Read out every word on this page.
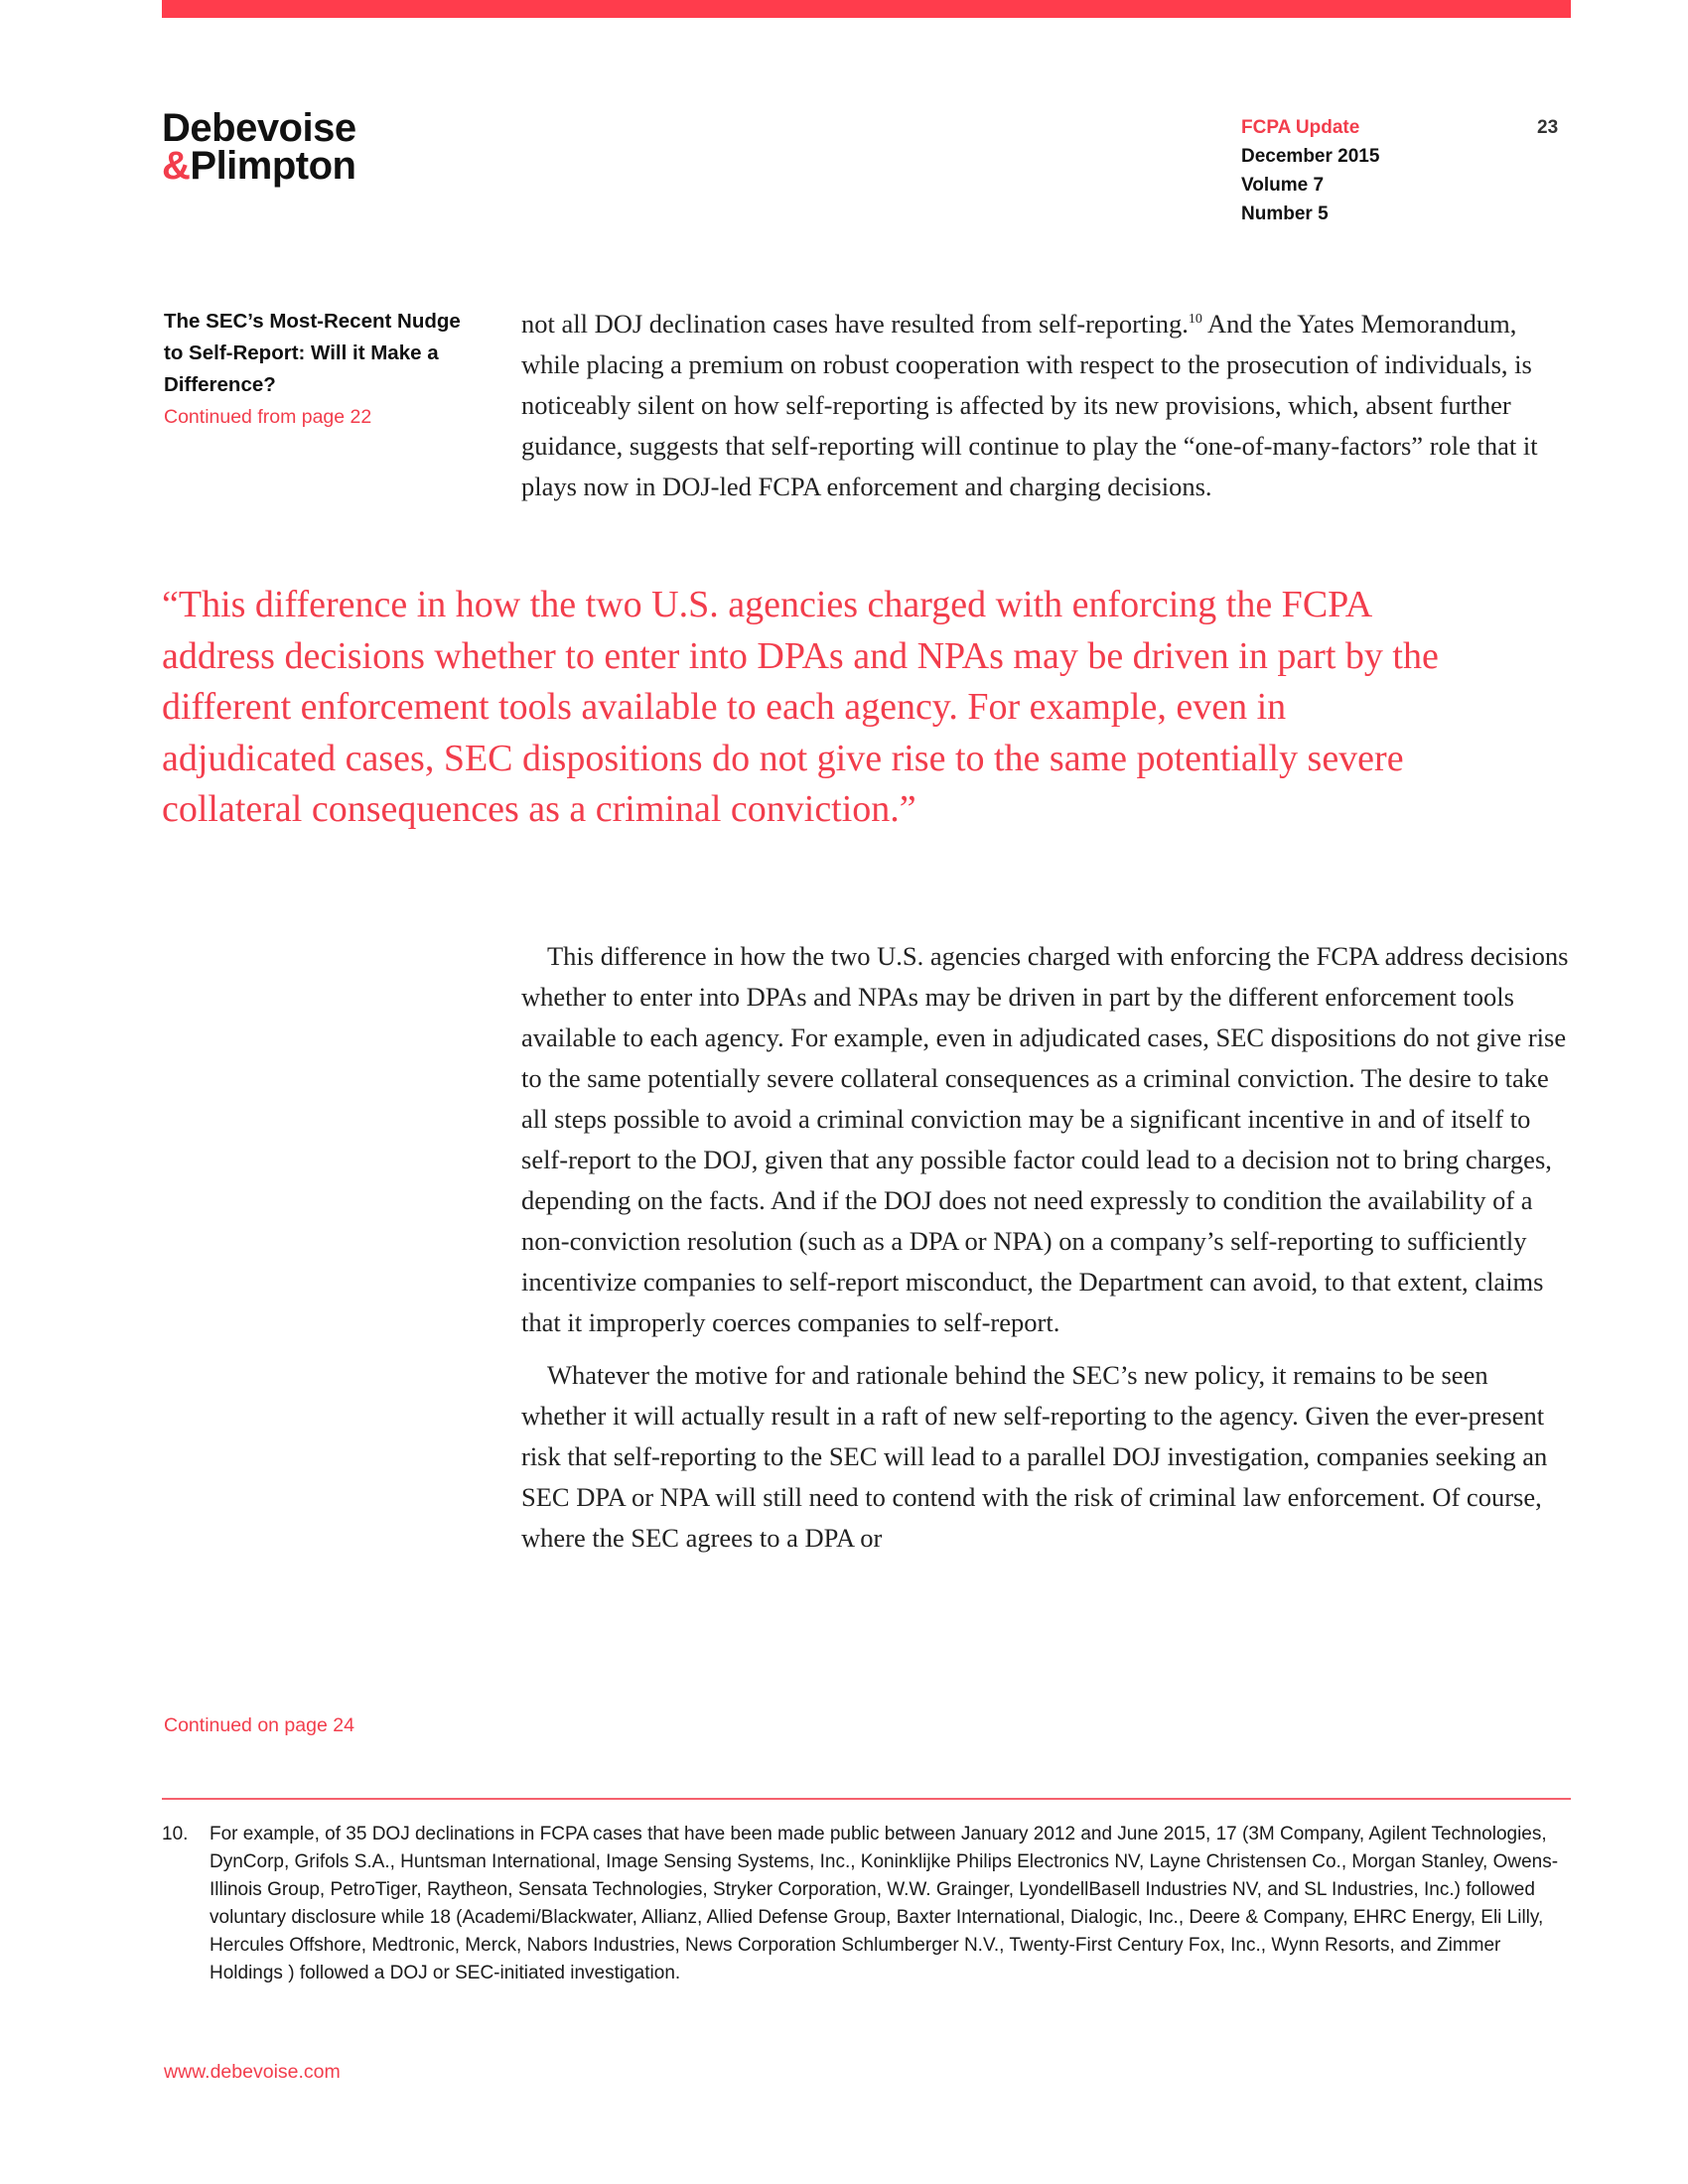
Debevoise
&Plimpton
FCPA Update
December 2015
Volume 7
Number 5
23
The SEC’s Most-Recent Nudge to Self-Report: Will it Make a Difference?
Continued from page 22

not all DOJ declination cases have resulted from self-reporting.$^{10}$ And the Yates Memorandum, while placing a premium on robust cooperation with respect to the prosecution of individuals, is noticeably silent on how self-reporting is affected by its new provisions, which, absent further guidance, suggests that self-reporting will continue to play the “one-of-many-factors” role that it plays now in DOJ-led FCPA enforcement and charging decisions.

“This difference in how the two U.S. agencies charged with enforcing the FCPA address decisions whether to enter into DPAs and NPAs may be driven in part by the different enforcement tools available to each agency. For example, even in adjudicated cases, SEC dispositions do not give rise to the same potentially severe collateral consequences as a criminal conviction.”

This difference in how the two U.S. agencies charged with enforcing the FCPA address decisions whether to enter into DPAs and NPAs may be driven in part by the different enforcement tools available to each agency. For example, even in adjudicated cases, SEC dispositions do not give rise to the same potentially severe collateral consequences as a criminal conviction. The desire to take all steps possible to avoid a criminal conviction may be a significant incentive in and of itself to self-report to the DOJ, given that any possible factor could lead to a decision not to bring charges, depending on the facts. And if the DOJ does not need expressly to condition the availability of a non-conviction resolution (such as a DPA or NPA) on a company’s self-reporting to sufficiently incentivize companies to self-report misconduct, the Department can avoid, to that extent, claims that it improperly coerces companies to self-report.

Whatever the motive for and rationale behind the SEC’s new policy, it remains to be seen whether it will actually result in a raft of new self-reporting to the agency. Given the ever-present risk that self-reporting to the SEC will lead to a parallel DOJ investigation, companies seeking an SEC DPA or NPA will still need to contend with the risk of criminal law enforcement. Of course, where the SEC agrees to a DPA or

Continued on page 24
10.	For example, of 35 DOJ declinations in FCPA cases that have been made public between January 2012 and June 2015, 17 (3M Company, Agilent Technologies, DynCorp, Grifols S.A., Huntsman International, Image Sensing Systems, Inc., Koninklijke Philips Electronics NV, Layne Christensen Co., Morgan Stanley, Owens-Illinois Group, PetroTiger, Raytheon, Sensata Technologies, Stryker Corporation, W.W. Grainger, LyondellBasell Industries NV, and SL Industries, Inc.) followed voluntary disclosure while 18 (Academi/Blackwater, Allianz, Allied Defense Group, Baxter International, Dialogic, Inc., Deere & Company, EHRC Energy, Eli Lilly, Hercules Offshore, Medtronic, Merck, Nabors Industries, News Corporation Schlumberger N.V., Twenty-First Century Fox, Inc., Wynn Resorts, and Zimmer Holdings ) followed a DOJ or SEC-initiated investigation.
www.debevoise.com
